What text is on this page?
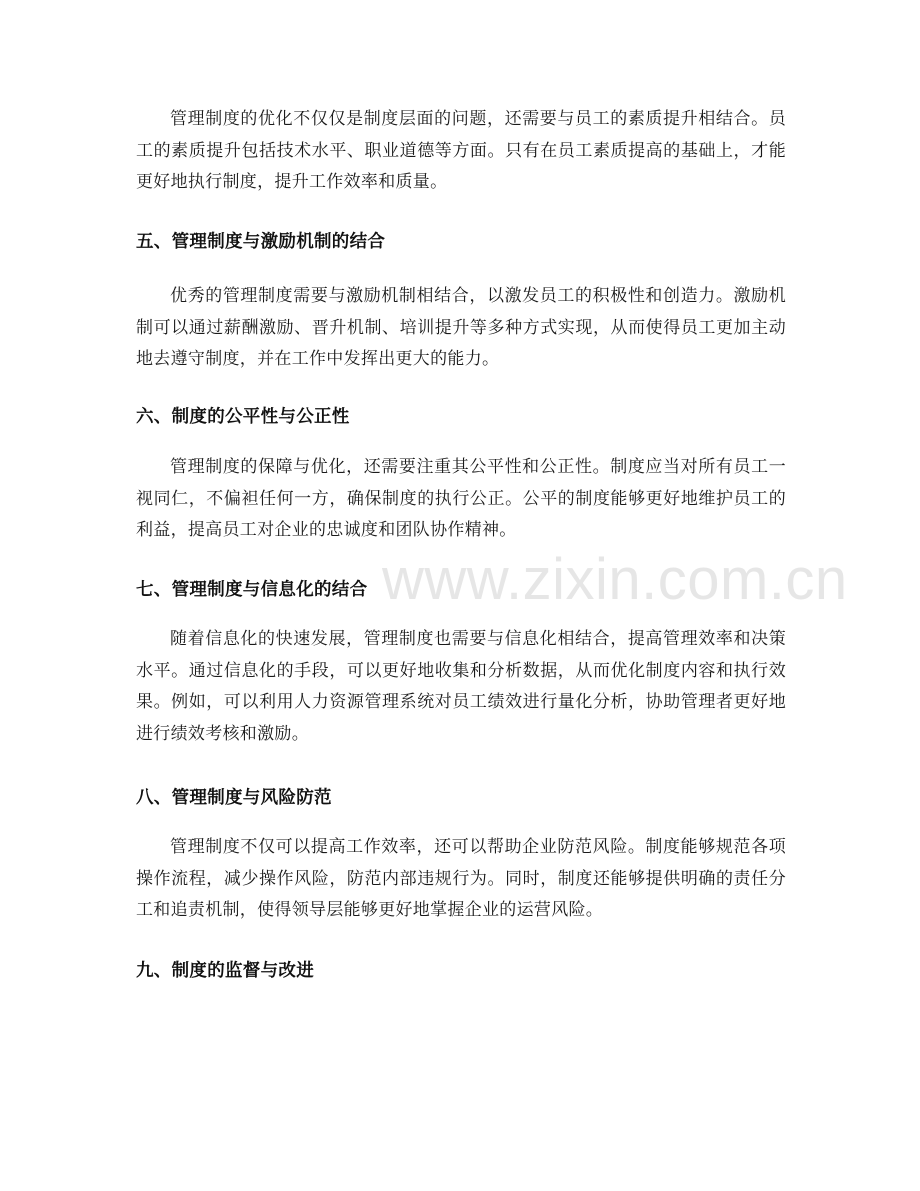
www.zixin.com.cn

管理制度的优化不仅仅是制度层面的问题，还需要与员工的素质提升相结合。员工的素质提升包括技术水平、职业道德等方面。只有在员工素质提高的基础上，才能更好地执行制度，提升工作效率和质量。

五、管理制度与激励机制的结合

优秀的管理制度需要与激励机制相结合，以激发员工的积极性和创造力。激励机制可以通过薪酬激励、晋升机制、培训提升等多种方式实现，从而使得员工更加主动地去遵守制度，并在工作中发挥出更大的能力。

六、制度的公平性与公正性

管理制度的保障与优化，还需要注重其公平性和公正性。制度应当对所有员工一视同仁，不偏袒任何一方，确保制度的执行公正。公平的制度能够更好地维护员工的利益，提高员工对企业的忠诚度和团队协作精神。

七、管理制度与信息化的结合

随着信息化的快速发展，管理制度也需要与信息化相结合，提高管理效率和决策水平。通过信息化的手段，可以更好地收集和分析数据，从而优化制度内容和执行效果。例如，可以利用人力资源管理系统对员工绩效进行量化分析，协助管理者更好地进行绩效考核和激励。

八、管理制度与风险防范

管理制度不仅可以提高工作效率，还可以帮助企业防范风险。制度能够规范各项操作流程，减少操作风险，防范内部违规行为。同时，制度还能够提供明确的责任分工和追责机制，使得领导层能够更好地掌握企业的运营风险。

九、制度的监督与改进
